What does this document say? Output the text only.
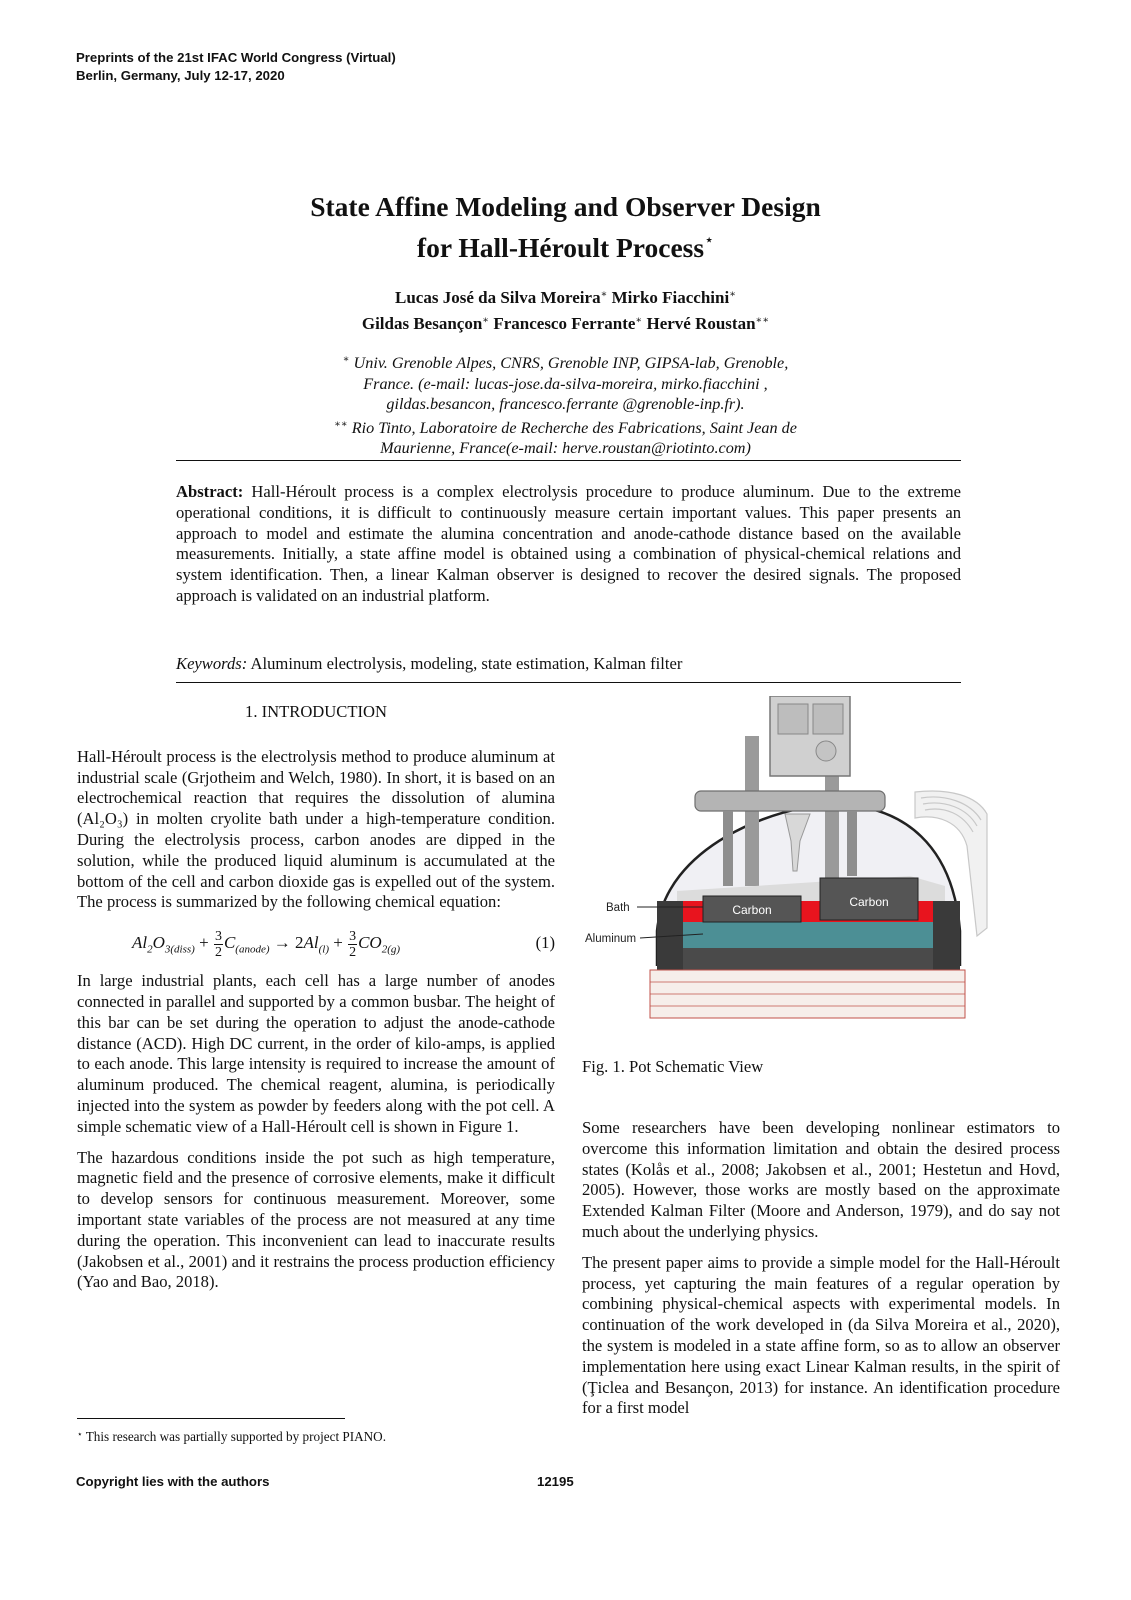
Preprints of the 21st IFAC World Congress (Virtual)
Berlin, Germany, July 12-17, 2020
State Affine Modeling and Observer Design
for Hall-Héroult Process⋆
Lucas José da Silva Moreira∗ Mirko Fiacchini∗
Gildas Besançon∗ Francesco Ferrante∗ Hervé Roustan∗∗
∗ Univ. Grenoble Alpes, CNRS, Grenoble INP, GIPSA-lab, Grenoble,
France. (e-mail: lucas-jose.da-silva-moreira, mirko.fiacchini ,
gildas.besancon, francesco.ferrante @grenoble-inp.fr).
∗∗ Rio Tinto, Laboratoire de Recherche des Fabrications, Saint Jean de
Maurienne, France(e-mail: herve.roustan@riotinto.com)
Abstract: Hall-Héroult process is a complex electrolysis procedure to produce aluminum. Due to the extreme operational conditions, it is difficult to continuously measure certain important values. This paper presents an approach to model and estimate the alumina concentration and anode-cathode distance based on the available measurements. Initially, a state affine model is obtained using a combination of physical-chemical relations and system identification. Then, a linear Kalman observer is designed to recover the desired signals. The proposed approach is validated on an industrial platform.
Keywords: Aluminum electrolysis, modeling, state estimation, Kalman filter
1. INTRODUCTION

Hall-Héroult process is the electrolysis method to produce aluminum at industrial scale (Grjotheim and Welch, 1980). In short, it is based on an electrochemical reaction that requires the dissolution of alumina (Al₂O₃) in molten cryolite bath under a high-temperature condition. During the electrolysis process, carbon anodes are dipped in the solution, while the produced liquid aluminum is accumulated at the bottom of the cell and carbon dioxide gas is expelled out of the system. The process is summarized by the following chemical equation:

$Al_2O_{3(diss)} + \frac{3}{2} C_{(anode)} \to 2Al_{(l)} + \frac{3}{2} CO_{2(g)}$	(1)

In large industrial plants, each cell has a large number of anodes connected in parallel and supported by a common busbar. The height of this bar can be set during the operation to adjust the anode-cathode distance (ACD). High DC current, in the order of kilo-amps, is applied to each anode. This large intensity is required to increase the amount of aluminum produced. The chemical reagent, alumina, is periodically injected into the system as powder by feeders along with the pot cell. A simple schematic view of a Hall-Héroult cell is shown in Figure 1.

The hazardous conditions inside the pot such as high temperature, magnetic field and the presence of corrosive elements, make it difficult to develop sensors for continuous measurement. Moreover, some important state variables of the process are not measured at any time during the operation. This inconvenient can lead to inaccurate results (Jakobsen et al., 2001) and it restrains the process production efficiency (Yao and Bao, 2018).

Carbon
Carbon
Bath
Aluminum
Fig. 1. Pot Schematic View

Some researchers have been developing nonlinear estimators to overcome this information limitation and obtain the desired process states (Kolås et al., 2008; Jakobsen et al., 2001; Hestetun and Hovd, 2005). However, those works are mostly based on the approximate Extended Kalman Filter (Moore and Anderson, 1979), and do say not much about the underlying physics.

The present paper aims to provide a simple model for the Hall-Héroult process, yet capturing the main features of a regular operation by combining physical-chemical aspects with experimental models. In continuation of the work developed in (da Silva Moreira et al., 2020), the system is modeled in a state affine form, so as to allow an observer implementation here using exact Linear Kalman results, in the spirit of (Ţiclea and Besançon, 2013) for instance. An identification procedure for a first model

⋆ This research was partially supported by project PIANO.
Copyright lies with the authors	12195
